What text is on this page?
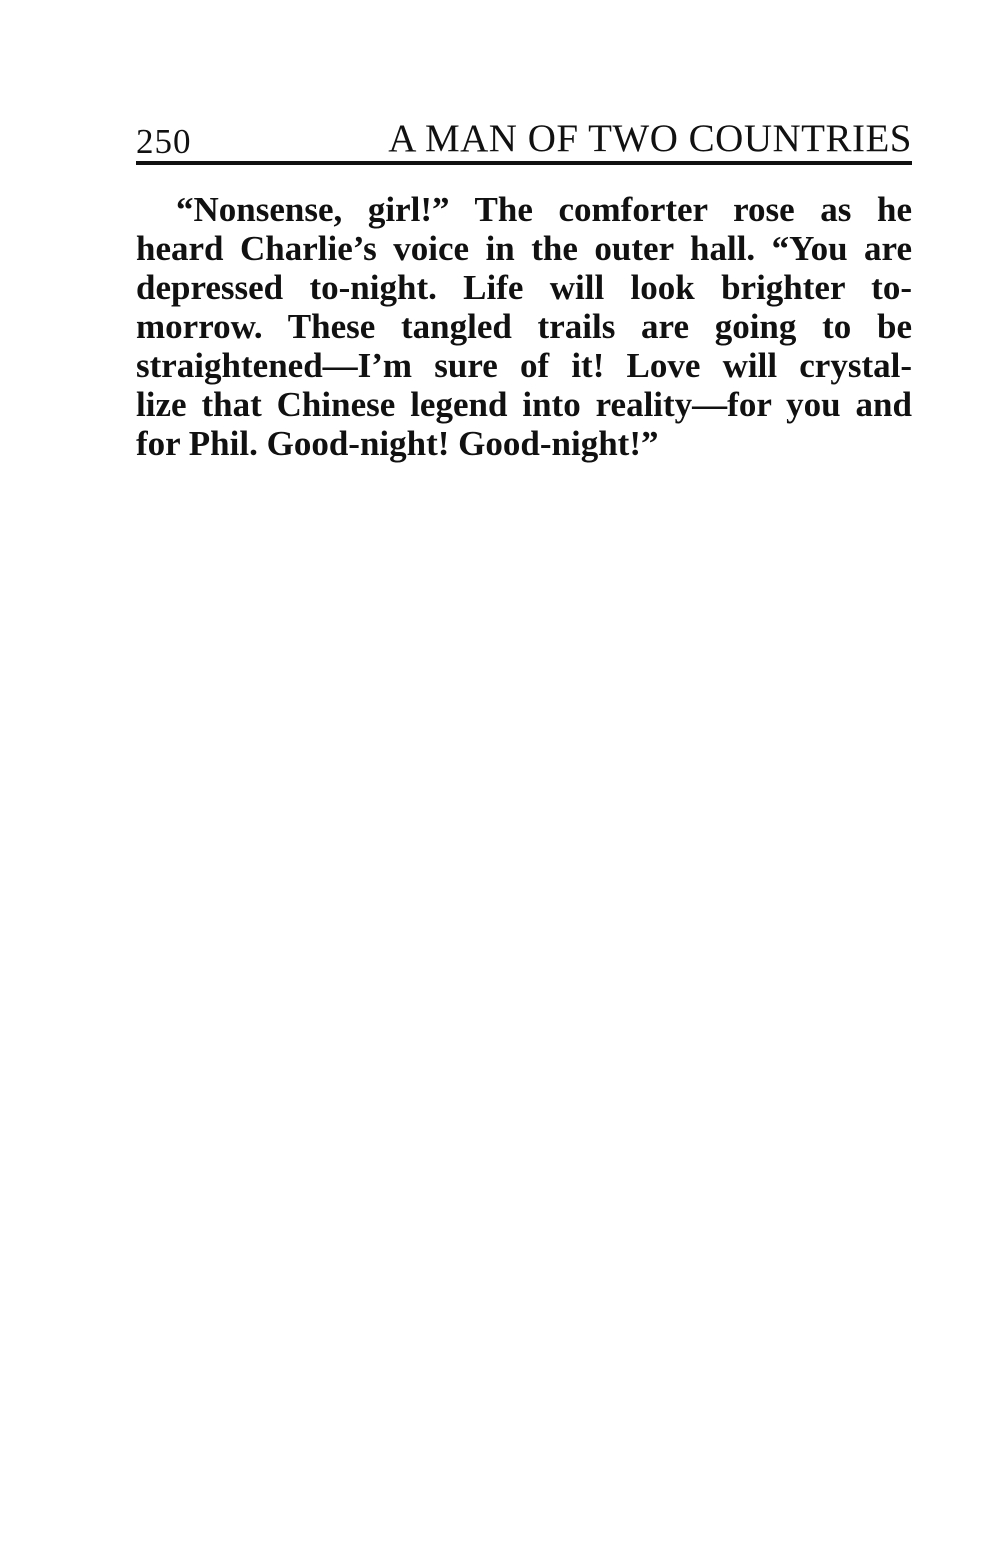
250	A MAN OF TWO COUNTRIES
“Nonsense, girl!” The comforter rose as he
heard Charlie’s voice in the outer hall. “You are
depressed to-night. Life will look brighter to-
morrow. These tangled trails are going to be
straightened—I’m sure of it! Love will crystal-
lize that Chinese legend into reality—for you and
for Phil. Good-night! Good-night!”
